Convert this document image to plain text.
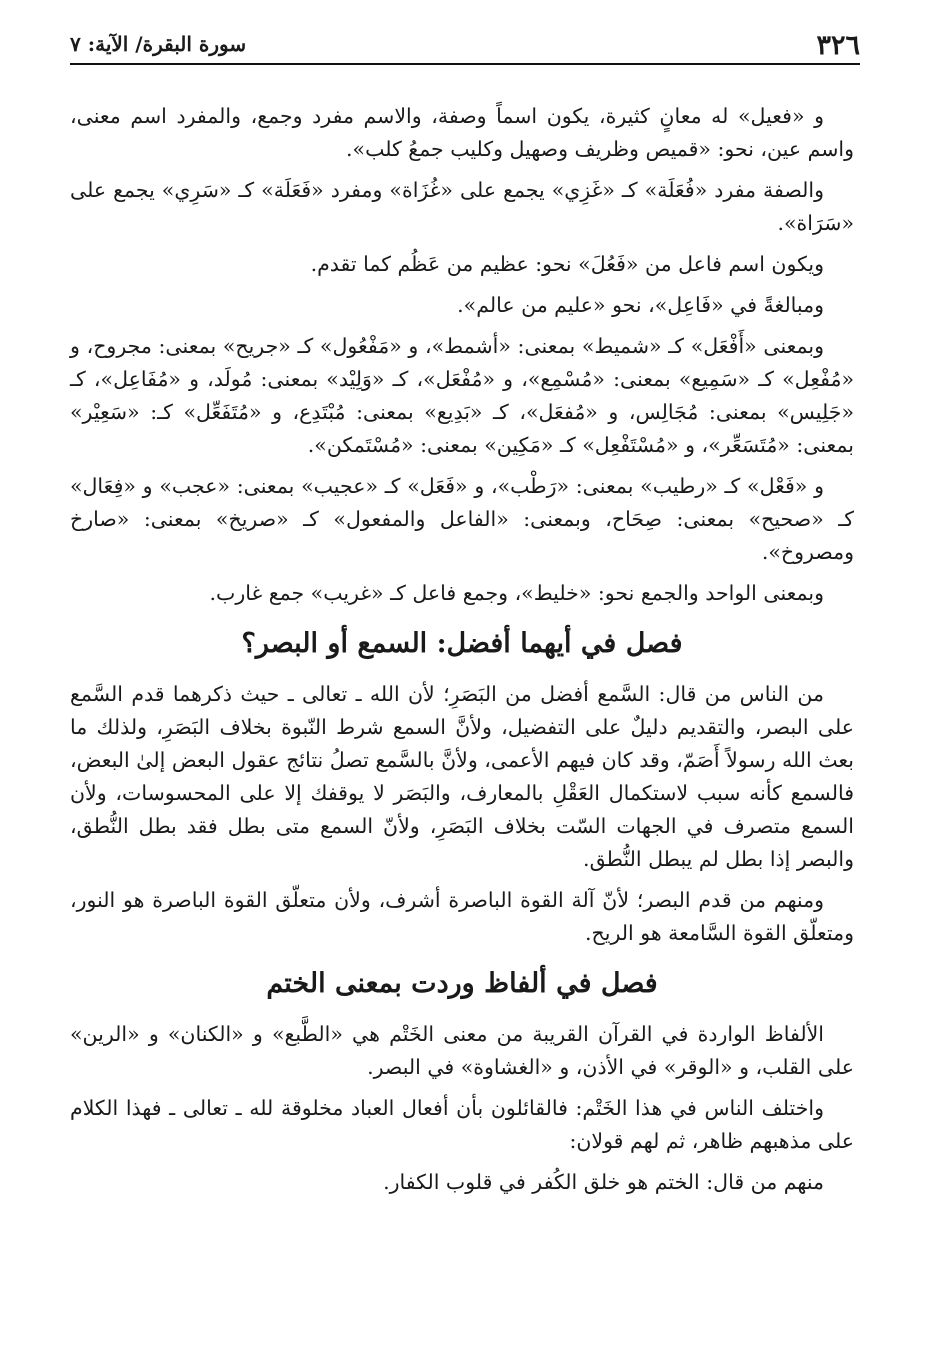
٣٢٦
سورة البقرة/ الآية: ٧

و «فعيل» له معانٍ كثيرة، يكون اسماً وصفة، والاسم مفرد وجمع، والمفرد اسم معنى، واسم عين، نحو: «قميص وظريف وصهيل وكليب جمعُ كلب».

والصفة مفرد «فُعَلَة» كـ «غَزِي» يجمع على «غُزَاة» ومفرد «فَعَلَة» كـ «سَرِي» يجمع على «سَرَاة».

ويكون اسم فاعل من «فَعُلَ» نحو: عظيم من عَظُم كما تقدم.

ومبالغةً في «فَاعِل»، نحو «عليم من عالم».

وبمعنى «أَفْعَل» كـ «شميط» بمعنى: «أشمط»، و «مَفْعُول» كـ «جريح» بمعنى: مجروح، و «مُفْعِل» كـ «سَمِيع» بمعنى: «مُسْمِع»، و «مُفْعَل»، كـ «وَلِيْد» بمعنى: مُولَد، و «مُفَاعِل»، كـ «جَلِيس» بمعنى: مُجَالِس، و «مُفعَل»، كـ «بَدِيع» بمعنى: مُبْتَدِع، و «مُتَفَعِّل» كـ: «سَعِيْر» بمعنى: «مُتَسَعِّر»، و «مُسْتَفْعِل» كـ «مَكِين» بمعنى: «مُسْتَمكن».

و «فَعْل» كـ «رطيب» بمعنى: «رَطْب»، و «فَعَل» كـ «عجيب» بمعنى: «عجب» و «فِعَال» كـ «صحيح» بمعنى: صِحَاح، وبمعنى: «الفاعل والمفعول» كـ «صريخ» بمعنى: «صارخ ومصروخ».

وبمعنى الواحد والجمع نحو: «خليط»، وجمع فاعل كـ «غريب» جمع غارب.

فصل في أيهما أفضل: السمع أو البصر؟

من الناس من قال: السَّمع أفضل من البَصَرِ؛ لأن الله ـ تعالى ـ حيث ذكرهما قدم السَّمع على البصر، والتقديم دليلٌ على التفضيل، ولأنَّ السمع شرط النّبوة بخلاف البَصَرِ، ولذلك ما بعث الله رسولاً أَصَمّ، وقد كان فيهم الأعمى، ولأنَّ بالسَّمع تصلُ نتائج عقول البعض إلىٰ البعض، فالسمع كأنه سبب لاستكمال العَقْلِ بالمعارف، والبَصَر لا يوقفك إلا على المحسوسات، ولأن السمع متصرف في الجهات السّت بخلاف البَصَرِ، ولأنّ السمع متى بطل فقد بطل النُّطق، والبصر إذا بطل لم يبطل النُّطق.

ومنهم من قدم البصر؛ لأنّ آلة القوة الباصرة أشرف، ولأن متعلّق القوة الباصرة هو النور، ومتعلّق القوة السَّامعة هو الريح.

فصل في ألفاظ وردت بمعنى الختم

الألفاظ الواردة في القرآن القريبة من معنى الخَتْم هي «الطَّبع» و «الكنان» و «الرين» على القلب، و «الوقر» في الأذن، و «الغشاوة» في البصر.

واختلف الناس في هذا الخَتْم: فالقائلون بأن أفعال العباد مخلوقة لله ـ تعالى ـ فهذا الكلام على مذهبهم ظاهر، ثم لهم قولان:

منهم من قال: الختم هو خلق الكُفر في قلوب الكفار.
